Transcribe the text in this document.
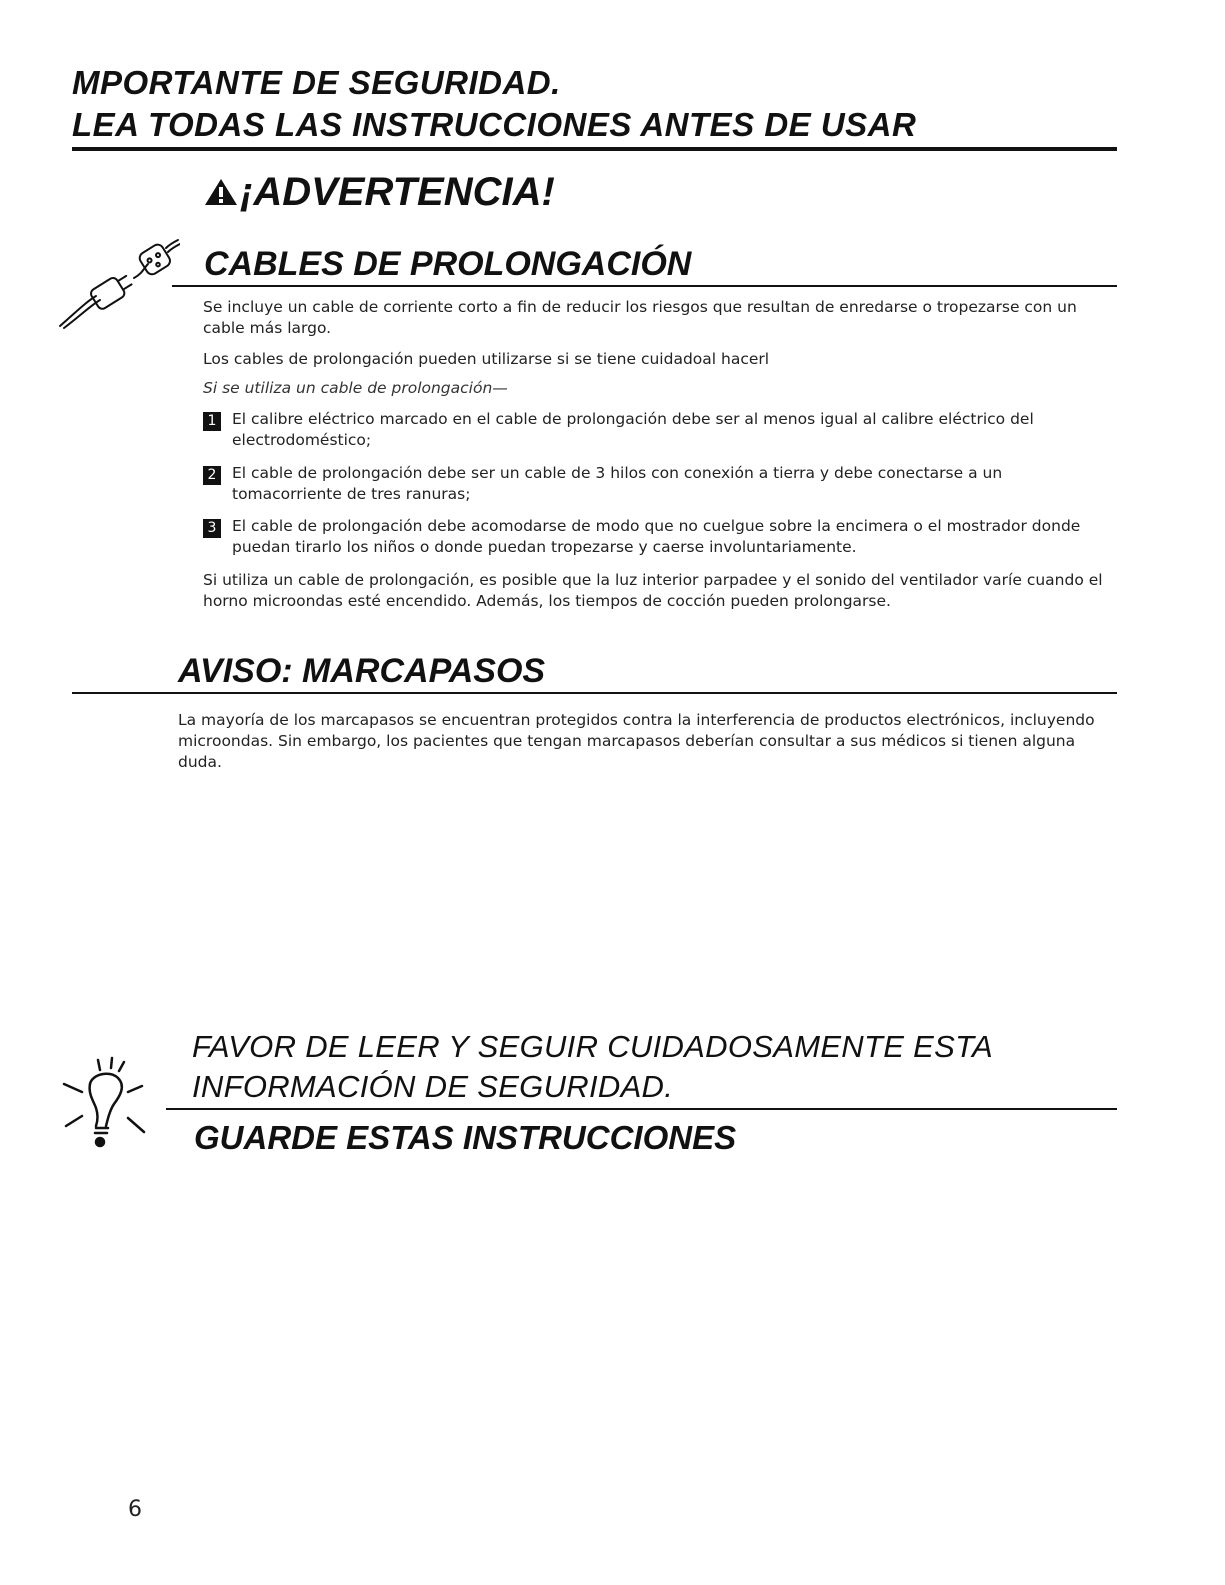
MPORTANTE DE SEGURIDAD.
LEA TODAS LAS INSTRUCCIONES ANTES DE USAR
¡ADVERTENCIA!
CABLES DE PROLONGACIÓN

Se incluye un cable de corriente corto a fin de reducir los riesgos que resultan de enredarse o tropezarse con un cable más largo.

Los cables de prolongación pueden utilizarse si se tiene cuidadoal hacerl

Si se utiliza un cable de prolongación—

1 El calibre eléctrico marcado en el cable de prolongación debe ser al menos igual al calibre eléctrico del electrodoméstico;

2 El cable de prolongación debe ser un cable de 3 hilos con conexión a tierra y debe conectarse a un tomacorriente de tres ranuras;

3 El cable de prolongación debe acomodarse de modo que no cuelgue sobre la encimera o el mostrador donde puedan tirarlo los niños o donde puedan tropezarse y caerse involuntariamente.

Si utiliza un cable de prolongación, es posible que la luz interior parpadee y el sonido del ventilador varíe cuando el horno microondas esté encendido. Además, los tiempos de cocción pueden prolongarse.

AVISO: MARCAPASOS

La mayoría de los marcapasos se encuentran protegidos contra la interferencia de productos electrónicos, incluyendo microondas. Sin embargo, los pacientes que tengan marcapasos deberían consultar a sus médicos si tienen alguna duda.

FAVOR DE LEER Y SEGUIR CUIDADOSAMENTE ESTA

INFORMACIÓN DE SEGURIDAD.

GUARDE ESTAS INSTRUCCIONES

6
